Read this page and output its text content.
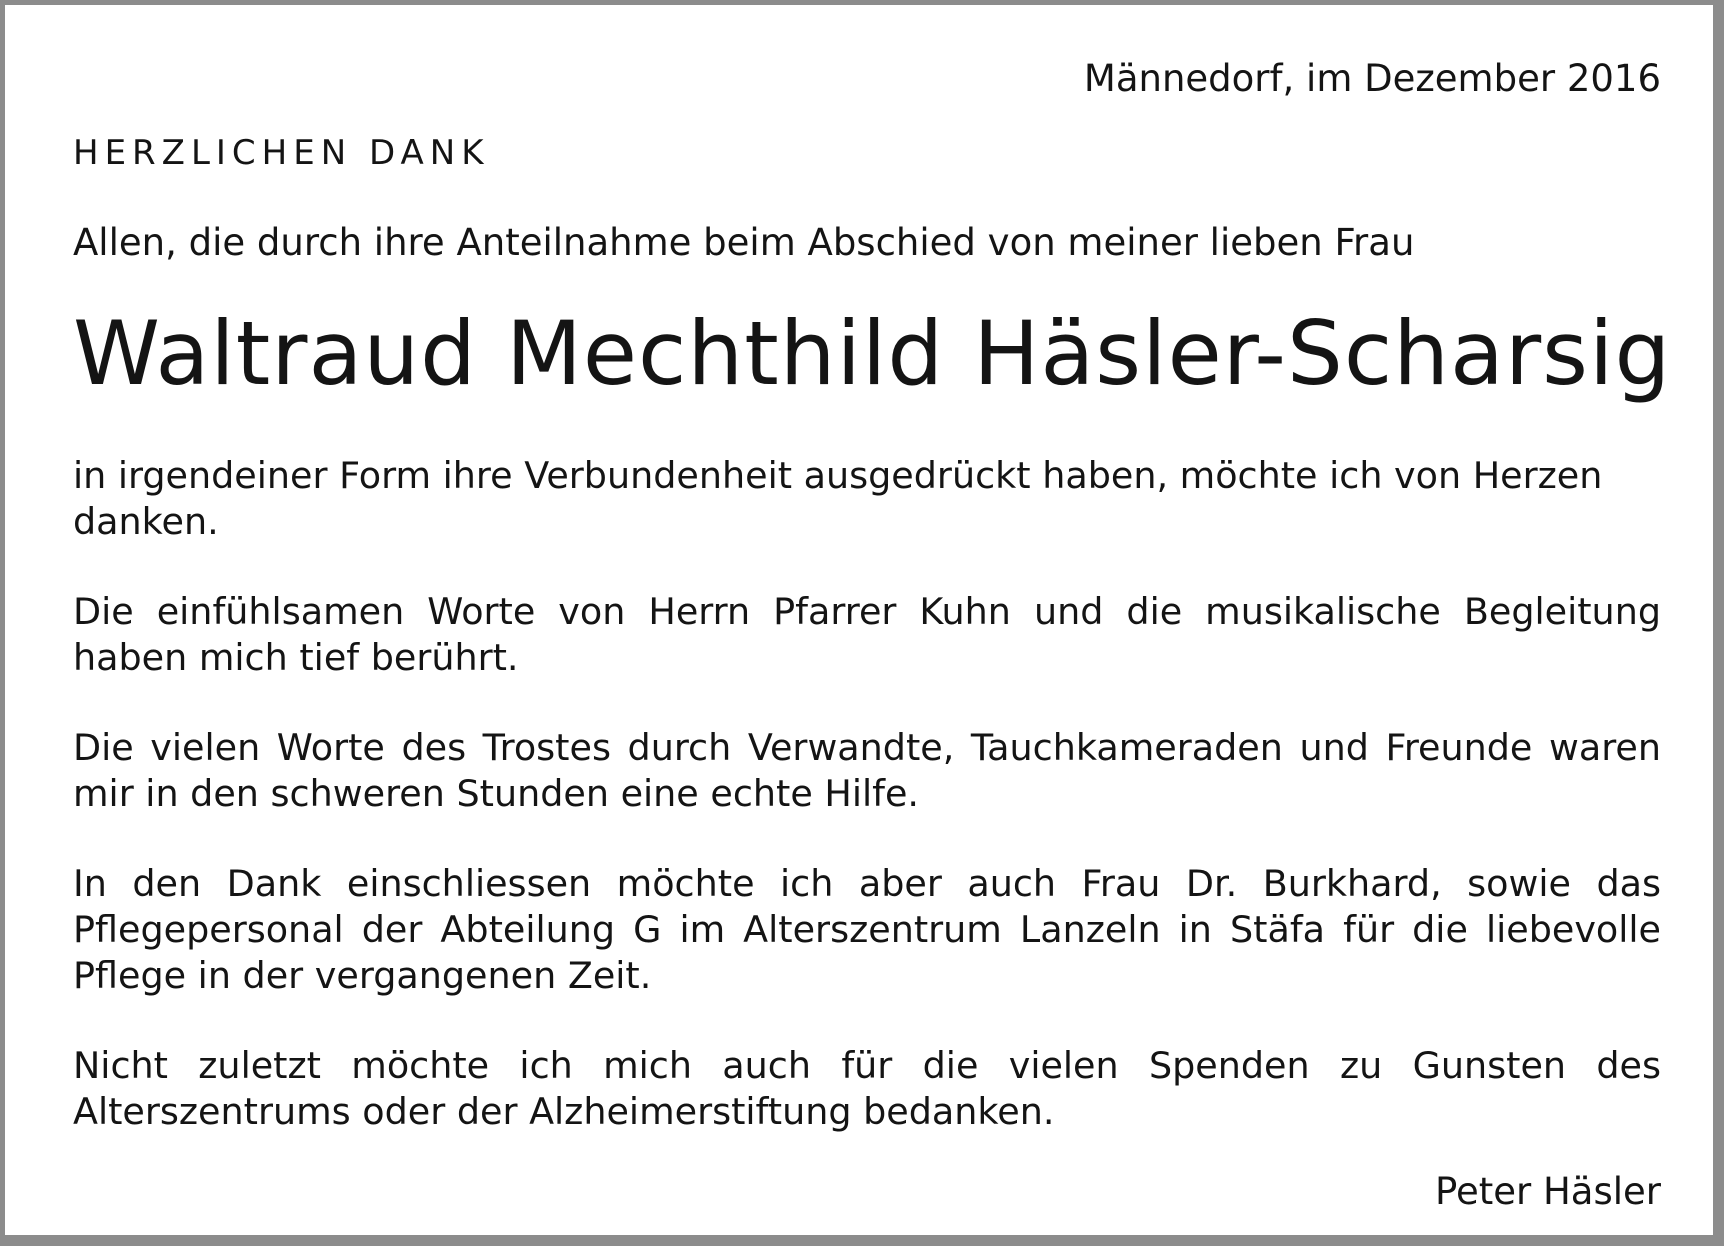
Männedorf, im Dezember 2016

HERZLICHEN DANK

Allen, die durch ihre Anteilnahme beim Abschied von meiner lieben Frau

Waltraud Mechthild Häsler-Scharsig

in irgendeiner Form ihre Verbundenheit ausgedrückt haben, möchte ich von Herzen danken.

Die einfühlsamen Worte von Herrn Pfarrer Kuhn und die musikalische Begleitung haben mich tief berührt.

Die vielen Worte des Trostes durch Verwandte, Tauchkameraden und Freunde waren mir in den schweren Stunden eine echte Hilfe.

In den Dank einschliessen möchte ich aber auch Frau Dr. Burkhard, sowie das Pflegepersonal der Abteilung G im Alterszentrum Lanzeln in Stäfa für die liebevolle Pflege in der vergangenen Zeit.

Nicht zuletzt möchte ich mich auch für die vielen Spenden zu Gunsten des Alterszentrums oder der Alzheimerstiftung bedanken.

Peter Häsler
